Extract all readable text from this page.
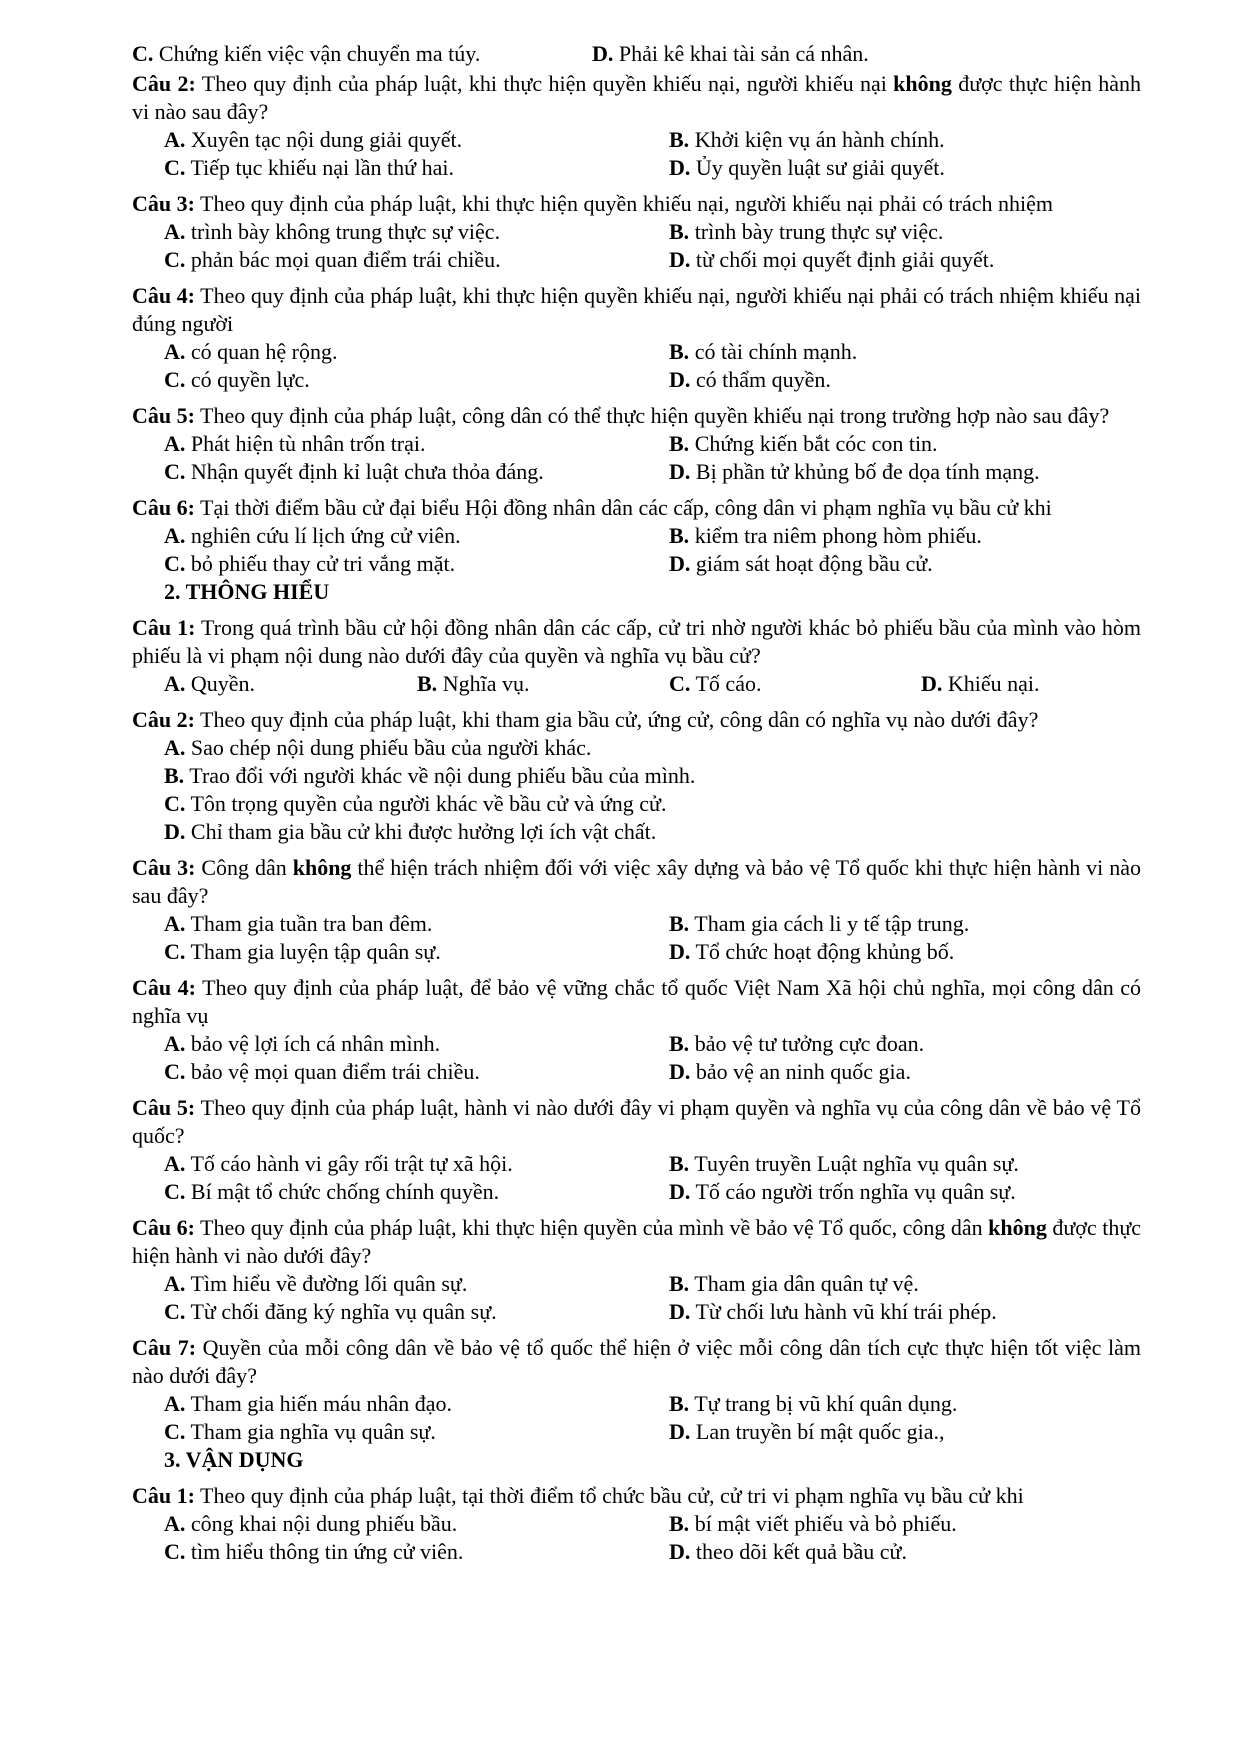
C. Chứng kiến việc vận chuyển ma túy.	D. Phải kê khai tài sản cá nhân.
Câu 2: Theo quy định của pháp luật, khi thực hiện quyền khiếu nại, người khiếu nại không được thực hiện hành vi nào sau đây?
A. Xuyên tạc nội dung giải quyết.	B. Khởi kiện vụ án hành chính.
C. Tiếp tục khiếu nại lần thứ hai.	D. Ủy quyền luật sư giải quyết.
Câu 3: Theo quy định của pháp luật, khi thực hiện quyền khiếu nại, người khiếu nại phải có trách nhiệm
A. trình bày không trung thực sự việc.	B. trình bày trung thực sự việc.
C. phản bác mọi quan điểm trái chiều.	D. từ chối mọi quyết định giải quyết.
Câu 4: Theo quy định của pháp luật, khi thực hiện quyền khiếu nại, người khiếu nại phải có trách nhiệm khiếu nại đúng người
A. có quan hệ rộng.	B. có tài chính mạnh.
C. có quyền lực.	D. có thẩm quyền.
Câu 5: Theo quy định của pháp luật, công dân có thể thực hiện quyền khiếu nại trong trường hợp nào sau đây?
A. Phát hiện tù nhân trốn trại.	B. Chứng kiến bắt cóc con tin.
C. Nhận quyết định kỉ luật chưa thỏa đáng.	D. Bị phần tử khủng bố đe dọa tính mạng.
Câu 6: Tại thời điểm bầu cử đại biểu Hội đồng nhân dân các cấp, công dân vi phạm nghĩa vụ bầu cử khi
A. nghiên cứu lí lịch ứng cử viên.	B. kiểm tra niêm phong hòm phiếu.
C. bỏ phiếu thay cử tri vắng mặt.	D. giám sát hoạt động bầu cử.
2. THÔNG HIỂU
Câu 1: Trong quá trình bầu cử hội đồng nhân dân các cấp, cử tri nhờ người khác bỏ phiếu bầu của mình vào hòm phiếu là vi phạm nội dung nào dưới đây của quyền và nghĩa vụ bầu cử?
A. Quyền.	B. Nghĩa vụ.	C. Tố cáo.	D. Khiếu nại.
Câu 2: Theo quy định của pháp luật, khi tham gia bầu cử, ứng cử, công dân có nghĩa vụ nào dưới đây?
A. Sao chép nội dung phiếu bầu của người khác.
B. Trao đổi với người khác về nội dung phiếu bầu của mình.
C. Tôn trọng quyền của người khác về bầu cử và ứng cử.
D. Chỉ tham gia bầu cử khi được hưởng lợi ích vật chất.
Câu 3: Công dân không thể hiện trách nhiệm đối với việc xây dựng và bảo vệ Tổ quốc khi thực hiện hành vi nào sau đây?
A. Tham gia tuần tra ban đêm.	B. Tham gia cách li y tế tập trung.
C. Tham gia luyện tập quân sự.	D. Tổ chức hoạt động khủng bố.
Câu 4: Theo quy định của pháp luật, để bảo vệ vững chắc tổ quốc Việt Nam Xã hội chủ nghĩa, mọi công dân có nghĩa vụ
A. bảo vệ lợi ích cá nhân mình.	B. bảo vệ tư tưởng cực đoan.
C. bảo vệ mọi quan điểm trái chiều.	D. bảo vệ an ninh quốc gia.
Câu 5: Theo quy định của pháp luật, hành vi nào dưới đây vi phạm quyền và nghĩa vụ của công dân về bảo vệ Tổ quốc?
A. Tố cáo hành vi gây rối trật tự xã hội.	B. Tuyên truyền Luật nghĩa vụ quân sự.
C. Bí mật tổ chức chống chính quyền.	D. Tố cáo người trốn nghĩa vụ quân sự.
Câu 6: Theo quy định của pháp luật, khi thực hiện quyền của mình về bảo vệ Tổ quốc, công dân không được thực hiện hành vi nào dưới đây?
A. Tìm hiểu về đường lối quân sự.	B. Tham gia dân quân tự vệ.
C. Từ chối đăng ký nghĩa vụ quân sự.	D. Từ chối lưu hành vũ khí trái phép.
Câu 7: Quyền của mỗi công dân về bảo vệ tổ quốc thể hiện ở việc mỗi công dân tích cực thực hiện tốt việc làm nào dưới đây?
A. Tham gia hiến máu nhân đạo.	B. Tự trang bị vũ khí quân dụng.
C. Tham gia nghĩa vụ quân sự.	D. Lan truyền bí mật quốc gia.,
3. VẬN DỤNG
Câu 1: Theo quy định của pháp luật, tại thời điểm tổ chức bầu cử, cử tri vi phạm nghĩa vụ bầu cử khi
A. công khai nội dung phiếu bầu.	B. bí mật viết phiếu và bỏ phiếu.
C. tìm hiểu thông tin ứng cử viên.	D. theo dõi kết quả bầu cử.
